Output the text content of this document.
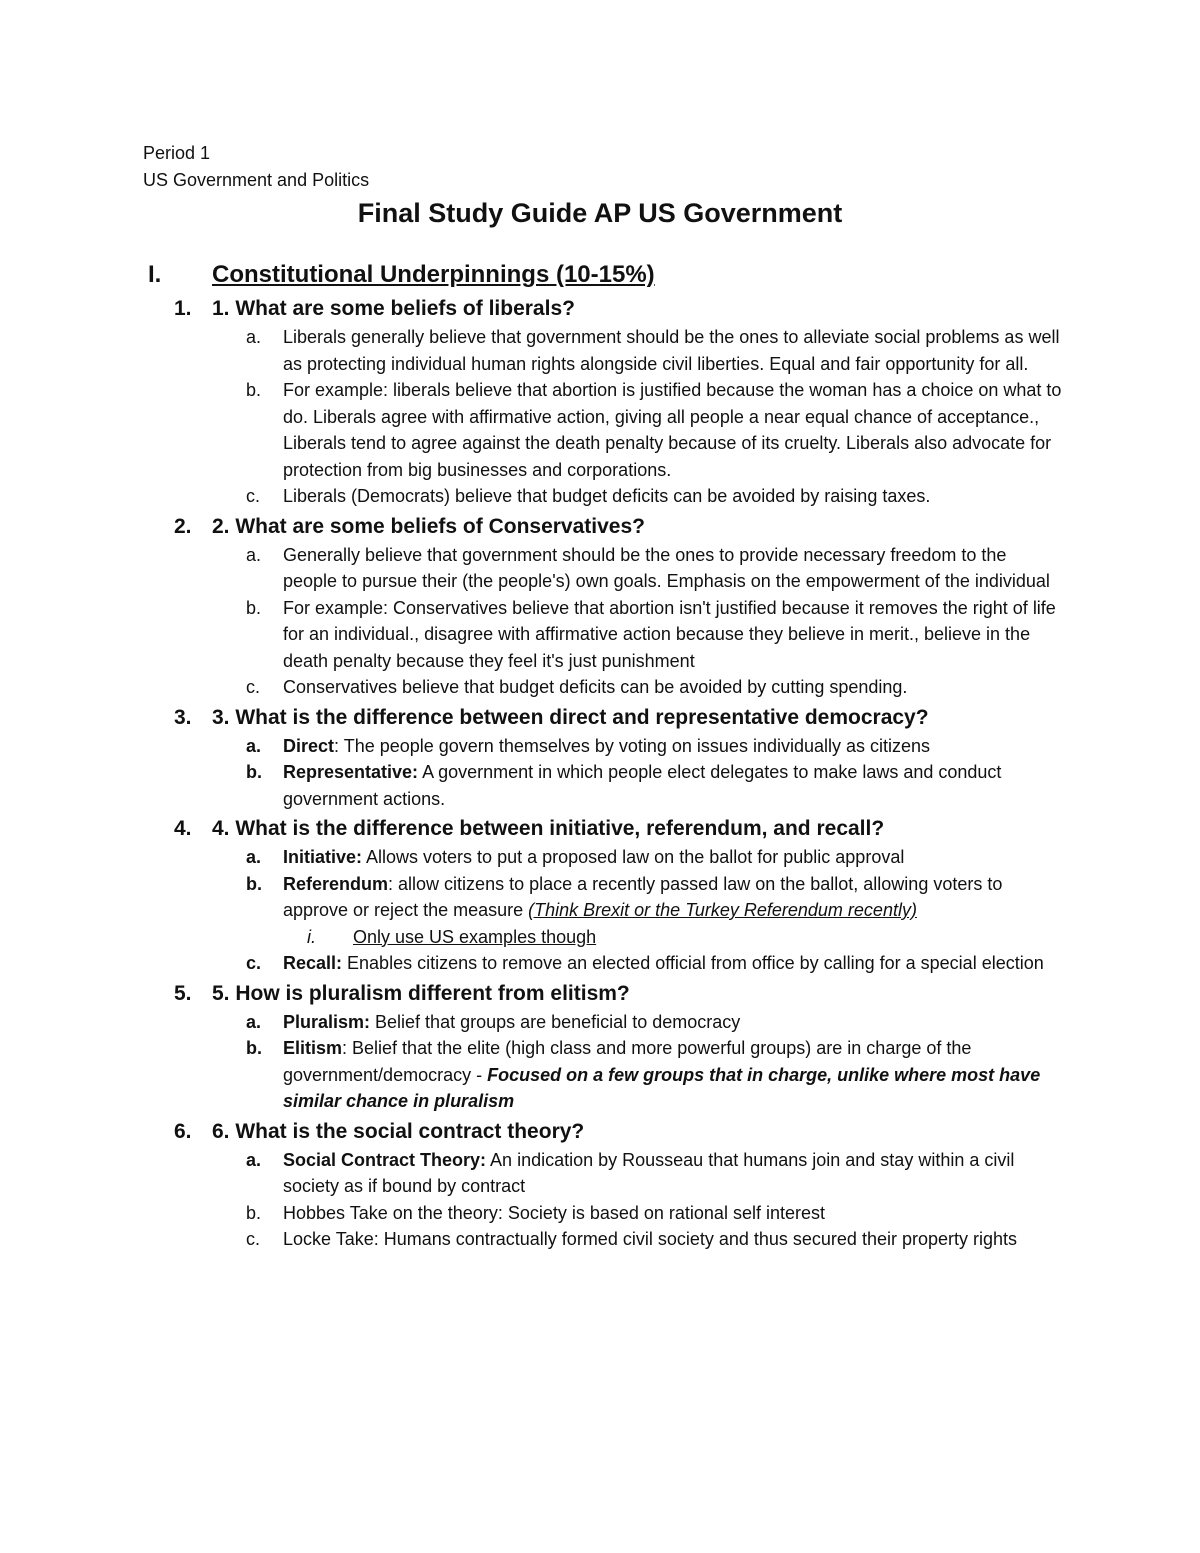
Period 1
US Government and Politics
Final Study Guide AP US Government
I. Constitutional Underpinnings (10-15%)
1. 1. What are some beliefs of liberals?
a. Liberals generally believe that government should be the ones to alleviate social problems as well as protecting individual human rights alongside civil liberties. Equal and fair opportunity for all.
b. For example: liberals believe that abortion is justified because the woman has a choice on what to do. Liberals agree with affirmative action, giving all people a near equal chance of acceptance., Liberals tend to agree against the death penalty because of its cruelty. Liberals also advocate for protection from big businesses and corporations.
c. Liberals (Democrats) believe that budget deficits can be avoided by raising taxes.
2. 2. What are some beliefs of Conservatives?
a. Generally believe that government should be the ones to provide necessary freedom to the people to pursue their (the people's) own goals. Emphasis on the empowerment of the individual
b. For example: Conservatives believe that abortion isn't justified because it removes the right of life for an individual., disagree with affirmative action because they believe in merit., believe in the death penalty because they feel it's just punishment
c. Conservatives believe that budget deficits can be avoided by cutting spending.
3. 3. What is the difference between direct and representative democracy?
a. Direct: The people govern themselves by voting on issues individually as citizens
b. Representative: A government in which people elect delegates to make laws and conduct government actions.
4. 4. What is the difference between initiative, referendum, and recall?
a. Initiative: Allows voters to put a proposed law on the ballot for public approval
b. Referendum: allow citizens to place a recently passed law on the ballot, allowing voters to approve or reject the measure (Think Brexit or the Turkey Referendum recently)
i. Only use US examples though
c. Recall: Enables citizens to remove an elected official from office by calling for a special election
5. 5. How is pluralism different from elitism?
a. Pluralism: Belief that groups are beneficial to democracy
b. Elitism: Belief that the elite (high class and more powerful groups) are in charge of the government/democracy - Focused on a few groups that in charge, unlike where most have similar chance in pluralism
6. 6. What is the social contract theory?
a. Social Contract Theory: An indication by Rousseau that humans join and stay within a civil society as if bound by contract
b. Hobbes Take on the theory: Society is based on rational self interest
c. Locke Take: Humans contractually formed civil society and thus secured their property rights
